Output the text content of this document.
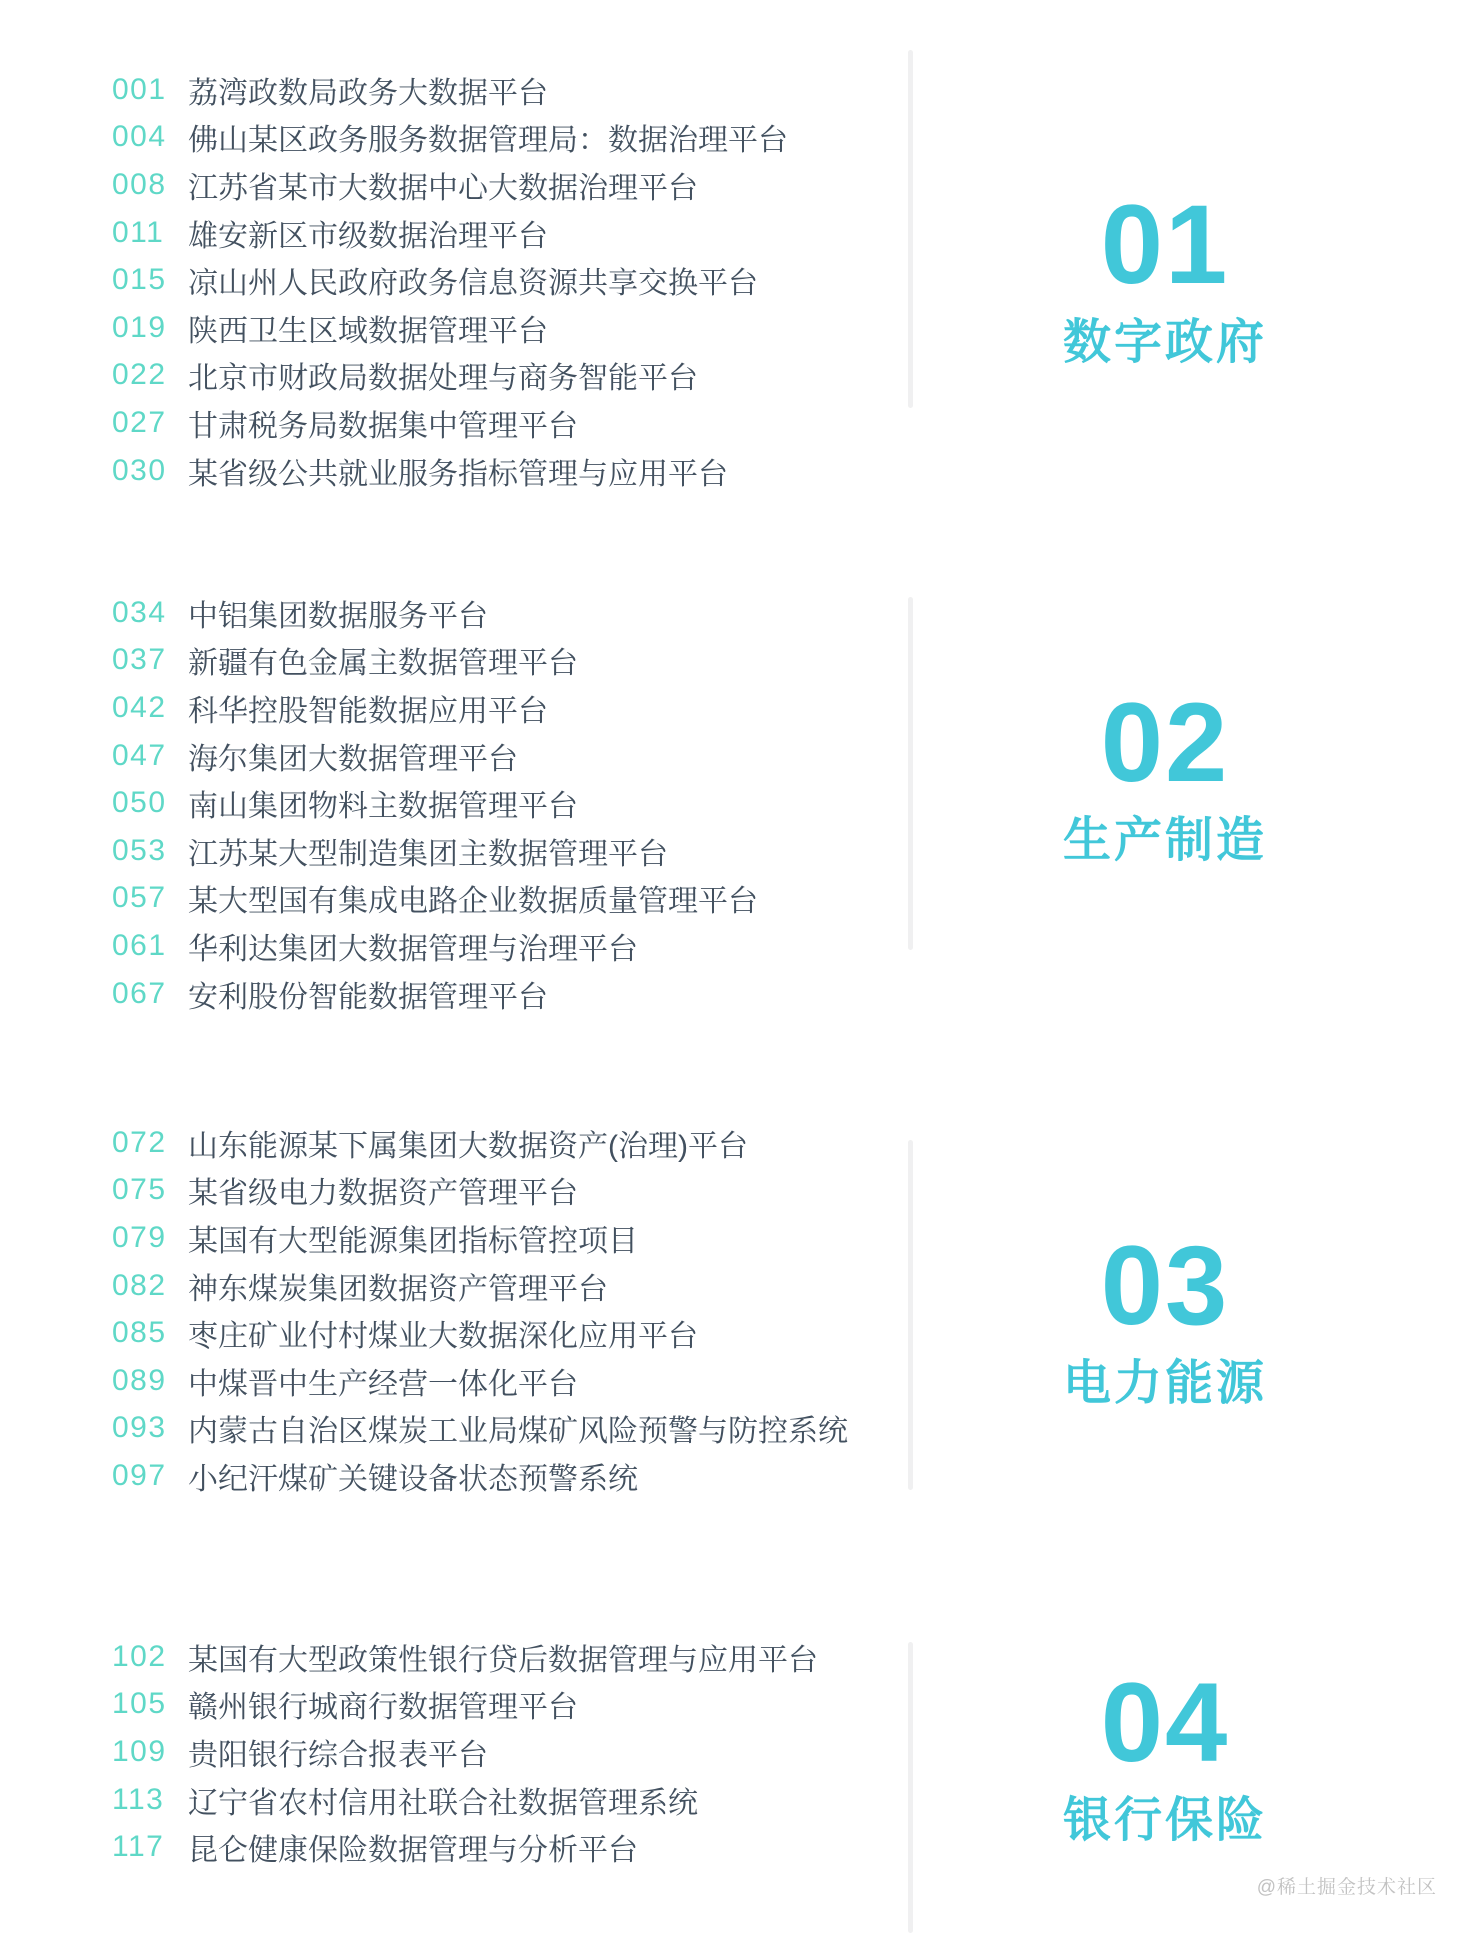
@稀土掘金技术社区
001 荔湾政数局政务大数据平台
004 佛山某区政务服务数据管理局：数据治理平台
008 江苏省某市大数据中心大数据治理平台
011 雄安新区市级数据治理平台
015 凉山州人民政府政务信息资源共享交换平台
019 陕西卫生区域数据管理平台
022 北京市财政局数据处理与商务智能平台
027 甘肃税务局数据集中管理平台
030 某省级公共就业服务指标管理与应用平台
01
数字政府
034 中铝集团数据服务平台
037 新疆有色金属主数据管理平台
042 科华控股智能数据应用平台
047 海尔集团大数据管理平台
050 南山集团物料主数据管理平台
053 江苏某大型制造集团主数据管理平台
057 某大型国有集成电路企业数据质量管理平台
061 华利达集团大数据管理与治理平台
067 安利股份智能数据管理平台
02
生产制造
072 山东能源某下属集团大数据资产(治理)平台
075 某省级电力数据资产管理平台
079 某国有大型能源集团指标管控项目
082 神东煤炭集团数据资产管理平台
085 枣庄矿业付村煤业大数据深化应用平台
089 中煤晋中生产经营一体化平台
093 内蒙古自治区煤炭工业局煤矿风险预警与防控系统
097 小纪汗煤矿关键设备状态预警系统
03
电力能源
102 某国有大型政策性银行贷后数据管理与应用平台
105 赣州银行城商行数据管理平台
109 贵阳银行综合报表平台
113 辽宁省农村信用社联合社数据管理系统
117 昆仑健康保险数据管理与分析平台
04
银行保险
